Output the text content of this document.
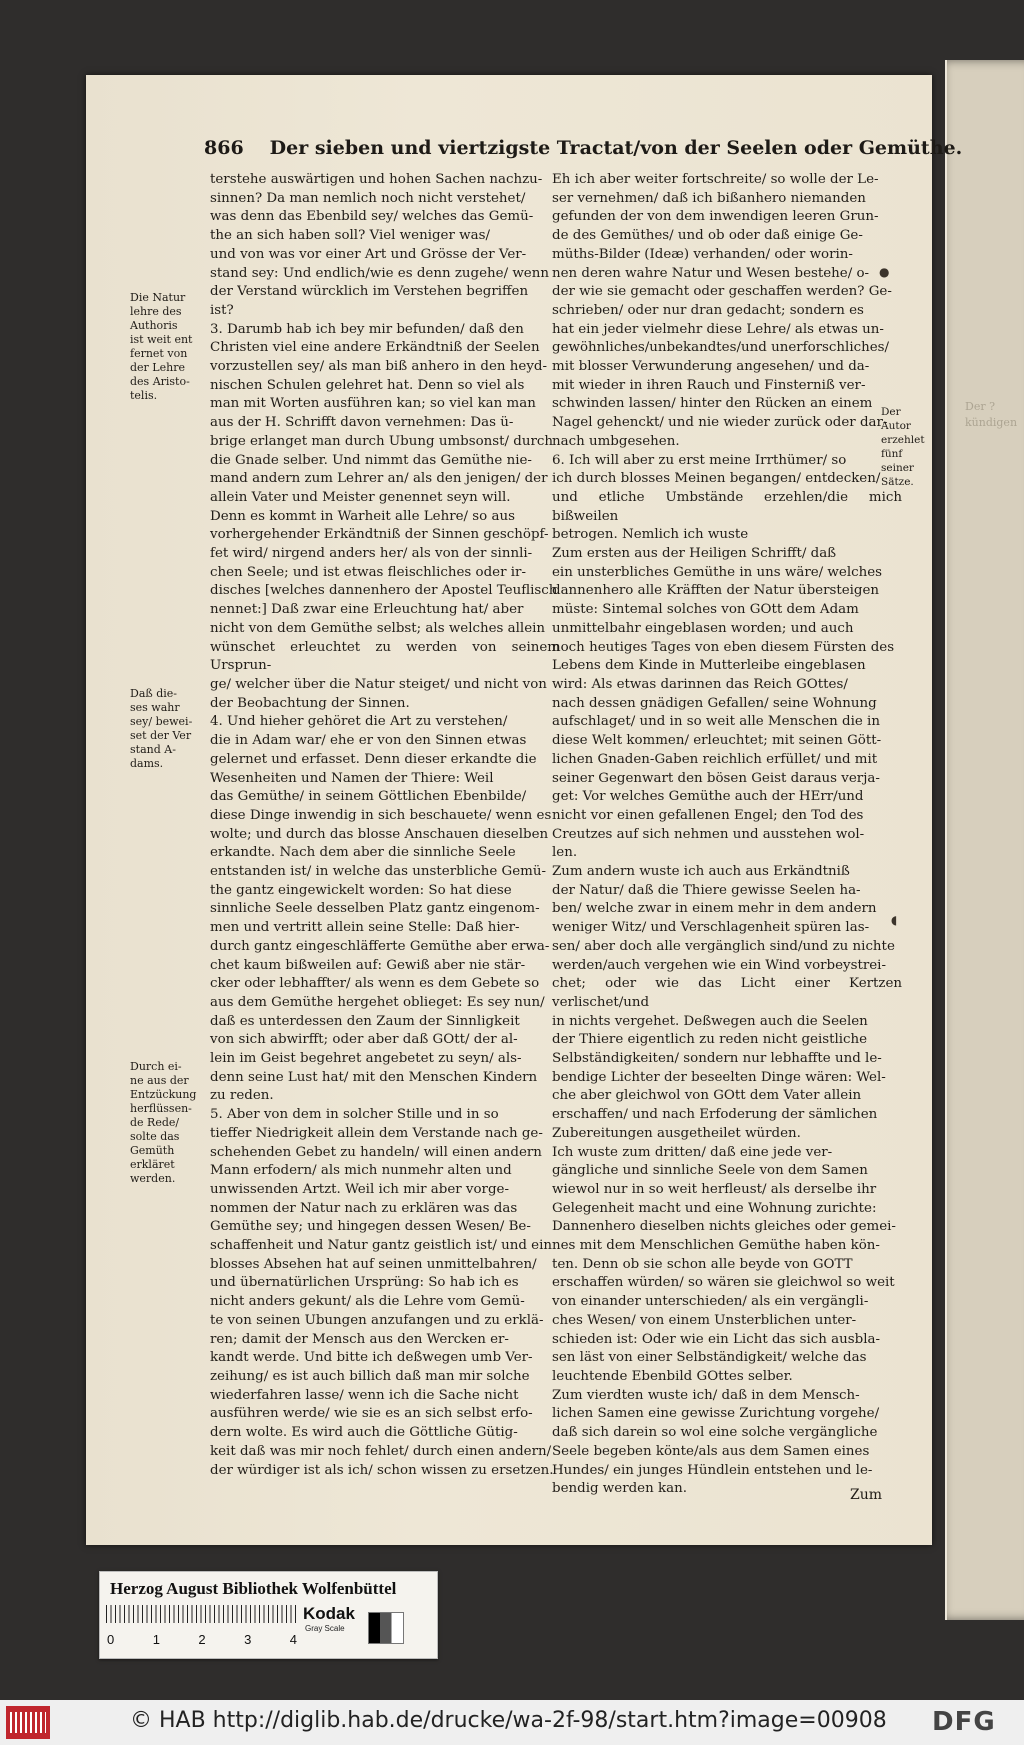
Der ?
kündigen
866 Der sieben und viertzigste Tractat/von der Seelen oder Gemüthe.
Die Natur
lehre des
Authoris
ist weit ent
fernet von
der Lehre
des Aristo-
telis.
Daß die-
ses wahr
sey/ bewei-
set der Ver
stand A-
dams.
Durch ei-
ne aus der
Entzückung
herflüssen-
de Rede/
solte das
Gemüth
erkläret
werden.
Der Autor
erzehlet
fünf seiner
Sätze.

terstehe auswärtigen und hohen Sachen nachzu-
sinnen? Da man nemlich noch nicht verstehet/
was denn das Ebenbild sey/ welches das Gemü-
the an sich haben soll? Viel weniger was/
und von was vor einer Art und Grösse der Ver-
stand sey: Und endlich/wie es denn zugehe/ wenn
der Verstand würcklich im Verstehen begriffen
ist?

3. Darumb hab ich bey mir befunden/ daß den
Christen viel eine andere Erkändtniß der Seelen
vorzustellen sey/ als man biß anhero in den heyd-
nischen Schulen gelehret hat. Denn so viel als
man mit Worten ausführen kan; so viel kan man
aus der H. Schrifft davon vernehmen: Das ü-
brige erlanget man durch Ubung umbsonst/ durch
die Gnade selber. Und nimmt das Gemüthe nie-
mand andern zum Lehrer an/ als den jenigen/ der
allein Vater und Meister genennet seyn will.
Denn es kommt in Warheit alle Lehre/ so aus
vorhergehender Erkändtniß der Sinnen geschöpf-
fet wird/ nirgend anders her/ als von der sinnli-
chen Seele; und ist etwas fleischliches oder ir-
disches [welches dannenhero der Apostel Teuflisch
nennet:] Daß zwar eine Erleuchtung hat/ aber
nicht von dem Gemüthe selbst; als welches allein
wünschet erleuchtet zu werden von seinem Ursprun-
ge/ welcher über die Natur steiget/ und nicht von
der Beobachtung der Sinnen.

4. Und hieher gehöret die Art zu verstehen/
die in Adam war/ ehe er von den Sinnen etwas
gelernet und erfasset. Denn dieser erkandte die
Wesenheiten und Namen der Thiere: Weil
das Gemüthe/ in seinem Göttlichen Ebenbilde/
diese Dinge inwendig in sich beschauete/ wenn es
wolte; und durch das blosse Anschauen dieselben
erkandte. Nach dem aber die sinnliche Seele
entstanden ist/ in welche das unsterbliche Gemü-
the gantz eingewickelt worden: So hat diese
sinnliche Seele desselben Platz gantz eingenom-
men und vertritt allein seine Stelle: Daß hier-
durch gantz eingeschläfferte Gemüthe aber erwa-
chet kaum bißweilen auf: Gewiß aber nie stär-
cker oder lebhaffter/ als wenn es dem Gebete so
aus dem Gemüthe hergehet oblieget: Es sey nun/
daß es unterdessen den Zaum der Sinnligkeit
von sich abwirfft; oder aber daß GOtt/ der al-
lein im Geist begehret angebetet zu seyn/ als-
denn seine Lust hat/ mit den Menschen Kindern
zu reden.

5. Aber von dem in solcher Stille und in so
tieffer Niedrigkeit allein dem Verstande nach ge-
schehenden Gebet zu handeln/ will einen andern
Mann erfodern/ als mich nunmehr alten und
unwissenden Artzt. Weil ich mir aber vorge-
nommen der Natur nach zu erklären was das
Gemüthe sey; und hingegen dessen Wesen/ Be-
schaffenheit und Natur gantz geistlich ist/ und ein
blosses Absehen hat auf seinen unmittelbahren/
und übernatürlichen Ursprüng: So hab ich es
nicht anders gekunt/ als die Lehre vom Gemü-
te von seinen Ubungen anzufangen und zu erklä-
ren; damit der Mensch aus den Wercken er-
kandt werde. Und bitte ich deßwegen umb Ver-
zeihung/ es ist auch billich daß man mir solche
wiederfahren lasse/ wenn ich die Sache nicht
ausführen werde/ wie sie es an sich selbst erfo-
dern wolte. Es wird auch die Göttliche Gütig-
keit daß was mir noch fehlet/ durch einen andern/
der würdiger ist als ich/ schon wissen zu ersetzen.

Eh ich aber weiter fortschreite/ so wolle der Le-
ser vernehmen/ daß ich bißanhero niemanden
gefunden der von dem inwendigen leeren Grun-
de des Gemüthes/ und ob oder daß einige Ge-
müths-Bilder (Ideæ) verhanden/ oder worin-
nen deren wahre Natur und Wesen bestehe/ o-
der wie sie gemacht oder geschaffen werden? Ge-
schrieben/ oder nur dran gedacht; sondern es
hat ein jeder vielmehr diese Lehre/ als etwas un-
gewöhnliches/unbekandtes/und unerforschliches/
mit blosser Verwunderung angesehen/ und da-
mit wieder in ihren Rauch und Finsterniß ver-
schwinden lassen/ hinter den Rücken an einem
Nagel gehenckt/ und nie wieder zurück oder dar-
nach umbgesehen.

6. Ich will aber zu erst meine Irrthümer/ so
ich durch blosses Meinen begangen/ entdecken/
und etliche Umbstände erzehlen/die mich bißweilen
betrogen. Nemlich ich wuste

Zum ersten aus der Heiligen Schrifft/ daß
ein unsterbliches Gemüthe in uns wäre/ welches
dannenhero alle Kräfften der Natur übersteigen
müste: Sintemal solches von GOtt dem Adam
unmittelbahr eingeblasen worden; und auch
noch heutiges Tages von eben diesem Fürsten des
Lebens dem Kinde in Mutterleibe eingeblasen
wird: Als etwas darinnen das Reich GOttes/
nach dessen gnädigen Gefallen/ seine Wohnung
aufschlaget/ und in so weit alle Menschen die in
diese Welt kommen/ erleuchtet; mit seinen Gött-
lichen Gnaden-Gaben reichlich erfüllet/ und mit
seiner Gegenwart den bösen Geist daraus verja-
get: Vor welches Gemüthe auch der HErr/und
nicht vor einen gefallenen Engel; den Tod des
Creutzes auf sich nehmen und ausstehen wol-
len.

Zum andern wuste ich auch aus Erkändtniß
der Natur/ daß die Thiere gewisse Seelen ha-
ben/ welche zwar in einem mehr in dem andern
weniger Witz/ und Verschlagenheit spüren las-
sen/ aber doch alle vergänglich sind/und zu nichte
werden/auch vergehen wie ein Wind vorbeystrei-
chet; oder wie das Licht einer Kertzen verlischet/und
in nichts vergehet. Deßwegen auch die Seelen
der Thiere eigentlich zu reden nicht geistliche
Selbständigkeiten/ sondern nur lebhaffte und le-
bendige Lichter der beseelten Dinge wären: Wel-
che aber gleichwol von GOtt dem Vater allein
erschaffen/ und nach Erfoderung der sämlichen
Zubereitungen ausgetheilet würden.

Ich wuste zum dritten/ daß eine jede ver-
gängliche und sinnliche Seele von dem Samen
wiewol nur in so weit herfleust/ als derselbe ihr
Gelegenheit macht und eine Wohnung zurichte:
Dannenhero dieselben nichts gleiches oder gemei-
nes mit dem Menschlichen Gemüthe haben kön-
ten. Denn ob sie schon alle beyde von GOTT
erschaffen würden/ so wären sie gleichwol so weit
von einander unterschieden/ als ein vergängli-
ches Wesen/ von einem Unsterblichen unter-
schieden ist: Oder wie ein Licht das sich ausbla-
sen läst von einer Selbständigkeit/ welche das
leuchtende Ebenbild GOttes selber.

Zum vierdten wuste ich/ daß in dem Mensch-
lichen Samen eine gewisse Zurichtung vorgehe/
daß sich darein so wol eine solche vergängliche
Seele begeben könte/als aus dem Samen eines
Hundes/ ein junges Hündlein entstehen und le-
bendig werden kan.	Zum
●
◖
Herzog August Bibliothek Wolfenbüttel
0	1	2	3	4
Kodak
Gray Scale
© HAB http://diglib.hab.de/drucke/wa-2f-98/start.htm?image=00908 DFG
